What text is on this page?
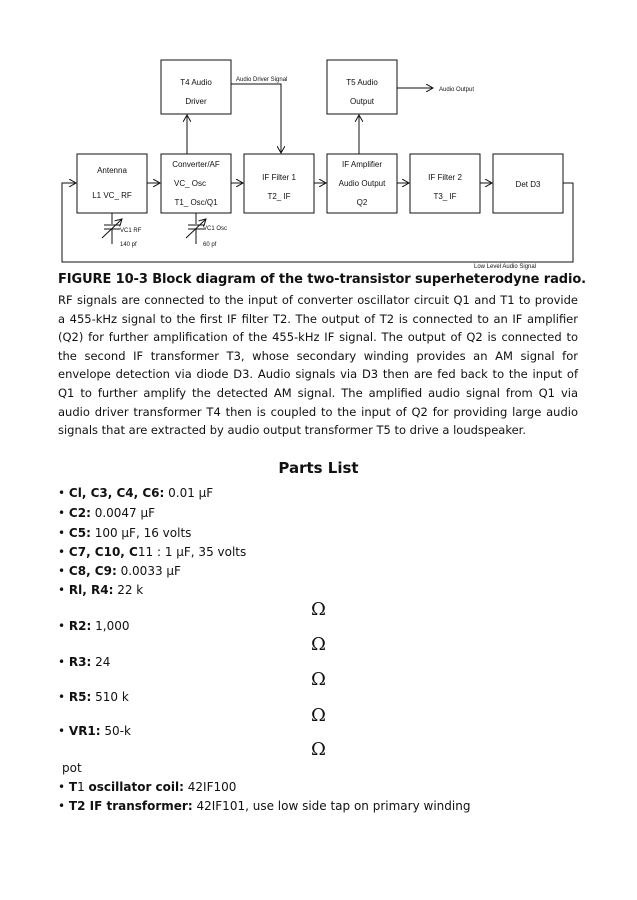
T4 Audio
Driver
T5 Audio
Output
Antenna
L1 VC_ RF
Converter/AF
VC_ Osc
T1_ Osc/Q1
IF Filter 1
T2_ IF
IF Amplifier
Audio Output
Q2
IF Filter 2
T3_ IF
Det D3
Audio Driver Signal
Audio Output
VC1 RF
140 pf
VC1 Osc
60 pf
Low Level Audio Signal
FIGURE 10-3 Block diagram of the two-transistor superheterodyne radio.
RF signals are connected to the input of converter oscillator circuit Q1 and T1 to provide a 455-kHz signal to the first IF filter T2. The output of T2 is connected to an IF amplifier (Q2) for further amplification of the 455-kHz IF signal. The output of Q2 is connected to the second IF transformer T3, whose secondary winding provides an AM signal for envelope detection via diode D3. Audio signals via D3 then are fed back to the input of Q1 to further amplify the detected AM signal. The amplified audio signal from Q1 via audio driver transformer T4 then is coupled to the input of Q2 for providing large audio signals that are extracted by audio output transformer T5 to drive a loudspeaker.
Parts List
• Cl, C3, C4, C6: 0.01 µF
• C2: 0.0047 µF
• C5: 100 µF, 16 volts
• C7, C10, C11 : 1 µF, 35 volts
• C8, C9: 0.0033 µF
• Rl, R4: 22 k
Ω
• R2: 1,000
Ω
• R3: 24
Ω
• R5: 510 k
Ω
• VR1: 50-k
Ω
pot
• T1 oscillator coil: 42IF100
• T2 IF transformer: 42IF101, use low side tap on primary winding
